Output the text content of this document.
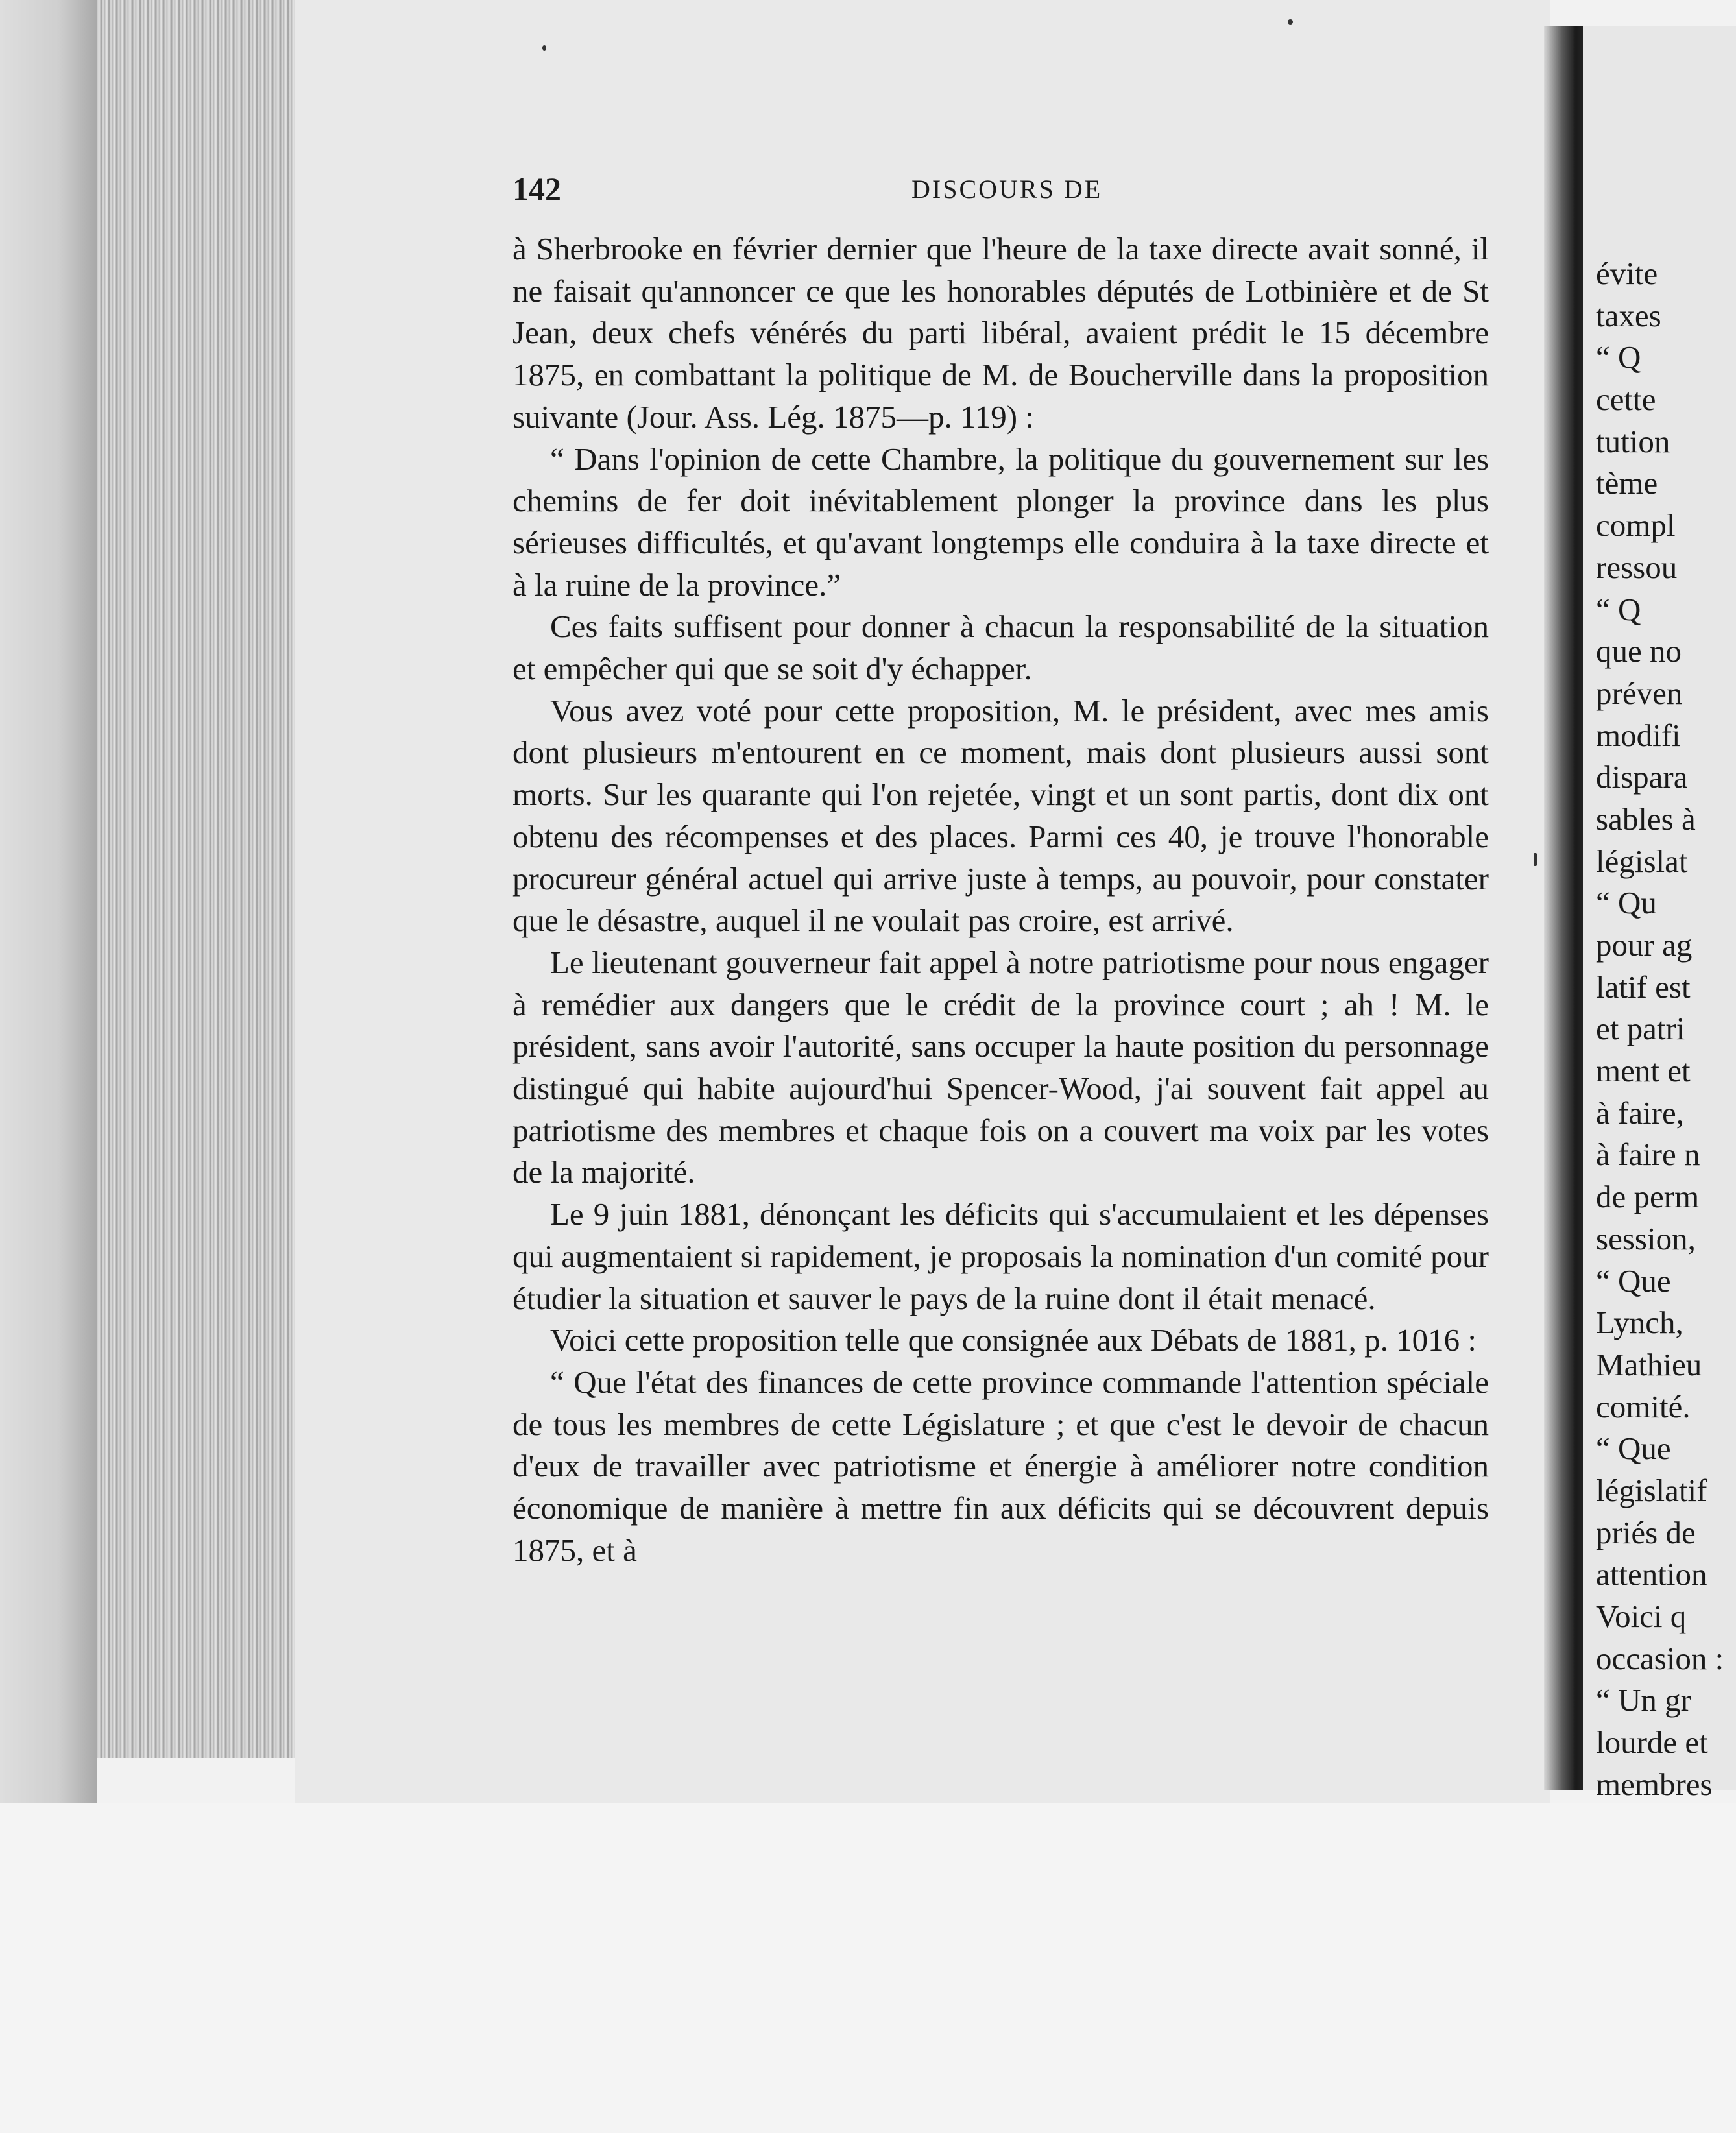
142	DISCOURS DE

à Sherbrooke en février dernier que l'heure de la taxe directe avait sonné, il ne faisait qu'annoncer ce que les honorables députés de Lotbinière et de St Jean, deux chefs vénérés du parti libéral, avaient prédit le 15 décembre 1875, en combattant la politique de M. de Boucherville dans la proposition suivante (Jour. Ass. Lég. 1875—p. 119) :

“ Dans l'opinion de cette Chambre, la politique du gouvernement sur les chemins de fer doit inévitablement plonger la province dans les plus sérieuses difficultés, et qu'avant longtemps elle conduira à la taxe directe et à la ruine de la province.”

Ces faits suffisent pour donner à chacun la responsabilité de la situation et empêcher qui que se soit d'y échapper.

Vous avez voté pour cette proposition, M. le président, avec mes amis dont plusieurs m'entourent en ce moment, mais dont plusieurs aussi sont morts. Sur les quarante qui l'on rejetée, vingt et un sont partis, dont dix ont obtenu des récompenses et des places. Parmi ces 40, je trouve l'honorable procureur général actuel qui arrive juste à temps, au pouvoir, pour constater que le désastre, auquel il ne voulait pas croire, est arrivé.

Le lieutenant gouverneur fait appel à notre patriotisme pour nous engager à remédier aux dangers que le crédit de la province court ; ah ! M. le président, sans avoir l'autorité, sans occuper la haute position du personnage distingué qui habite aujourd'hui Spencer-Wood, j'ai souvent fait appel au patriotisme des membres et chaque fois on a couvert ma voix par les votes de la majorité.

Le 9 juin 1881, dénonçant les déficits qui s'accumulaient et les dépenses qui augmentaient si rapidement, je proposais la nomination d'un comité pour étudier la situation et sauver le pays de la ruine dont il était menacé.

Voici cette proposition telle que consignée aux Débats de 1881, p. 1016 :

“ Que l'état des finances de cette province commande l'attention spéciale de tous les membres de cette Législature ; et que c'est le devoir de chacun d'eux de travailler avec patriotisme et énergie à améliorer notre condition économique de manière à mettre fin aux déficits qui se découvrent depuis 1875, et à

évite
taxes
“ Q
cette
tution
tème
compl
ressou
“ Q
que no
préven
modifi
dispara
sables à
législat
“ Qu
pour ag
latif est
et patri
ment et
à faire,
à faire n
de perm
session,
“ Que
Lynch,
Mathieu
comité.
“ Que
législatif
priés de
attention
Voici q
occasion :
“ Un gr
lourde et
membres
